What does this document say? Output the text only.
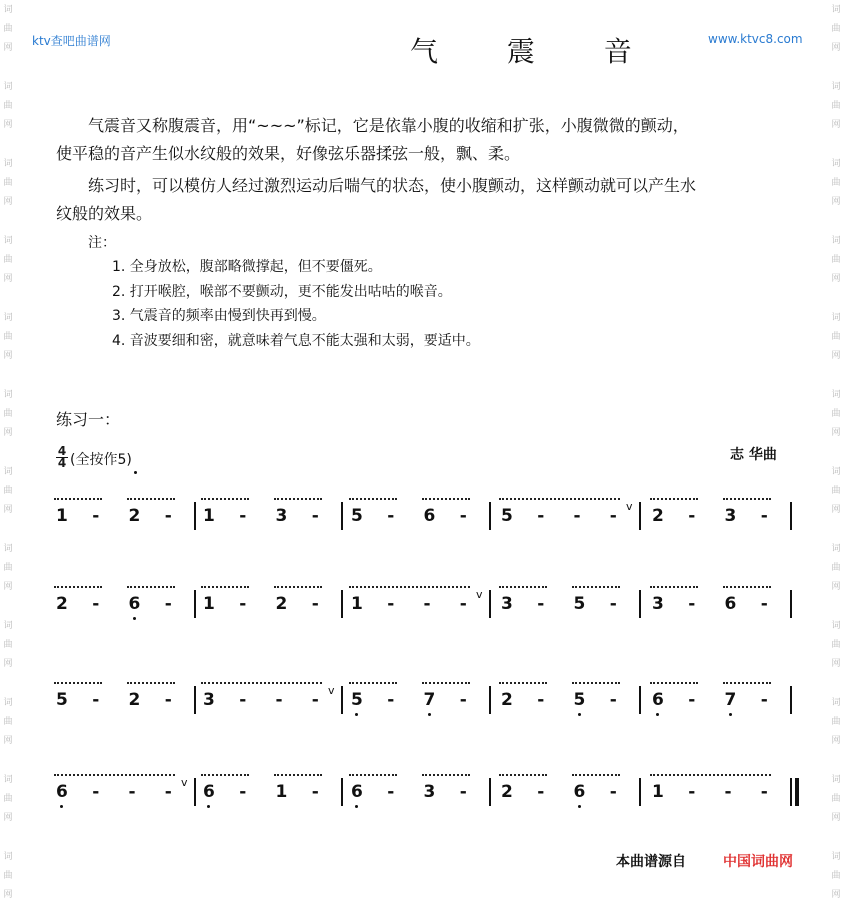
词
曲
网
词
曲
网
词
曲
网
词
曲
网
词
曲
网
词
曲
网
词
曲
网
词
曲
网
词
曲
网
词
曲
网
词
曲
网
词
曲
网
词
曲
网
词
曲
网
词
曲
网
词
曲
网
词
曲
网
词
曲
网
词
曲
网
词
曲
网
词
曲
网
词
曲
网
词
曲
网
词
曲
网
ktv查吧曲谱网	www.ktvc8.com
气 震 音
气震音又称腹震音，用“~~~”标记，它是依靠小腹的收缩和扩张，小腹微微的颤动，
使平稳的音产生似水纹般的效果，好像弦乐器揉弦一般，飘、柔。
练习时，可以模仿人经过激烈运动后喘气的状态，使小腹颤动，这样颤动就可以产生水
纹般的效果。
注：
1. 全身放松，腹部略微撑起，但不要僵死。
2. 打开喉腔，喉部不要颤动，更不能发出咕咕的喉音。
3. 气震音的频率由慢到快再到慢。
4. 音波要细和密，就意味着气息不能太强和太弱，要适中。
练习一：
4
4 (全按作5)	志 华曲
1 - 2 - 1 - 3 - 5 - 6 - 5 - - - v 2 - 3 -
2 - 6 - 1 - 2 - 1 - - - v 3 - 5 - 3 - 6 -
5 - 2 - 3 - - - v 5 - 7 - 2 - 5 - 6 - 7 -
6 - - - v 6 - 1 - 6 - 3 - 2 - 6 - 1 - - -
本曲谱源自	中国词曲网
